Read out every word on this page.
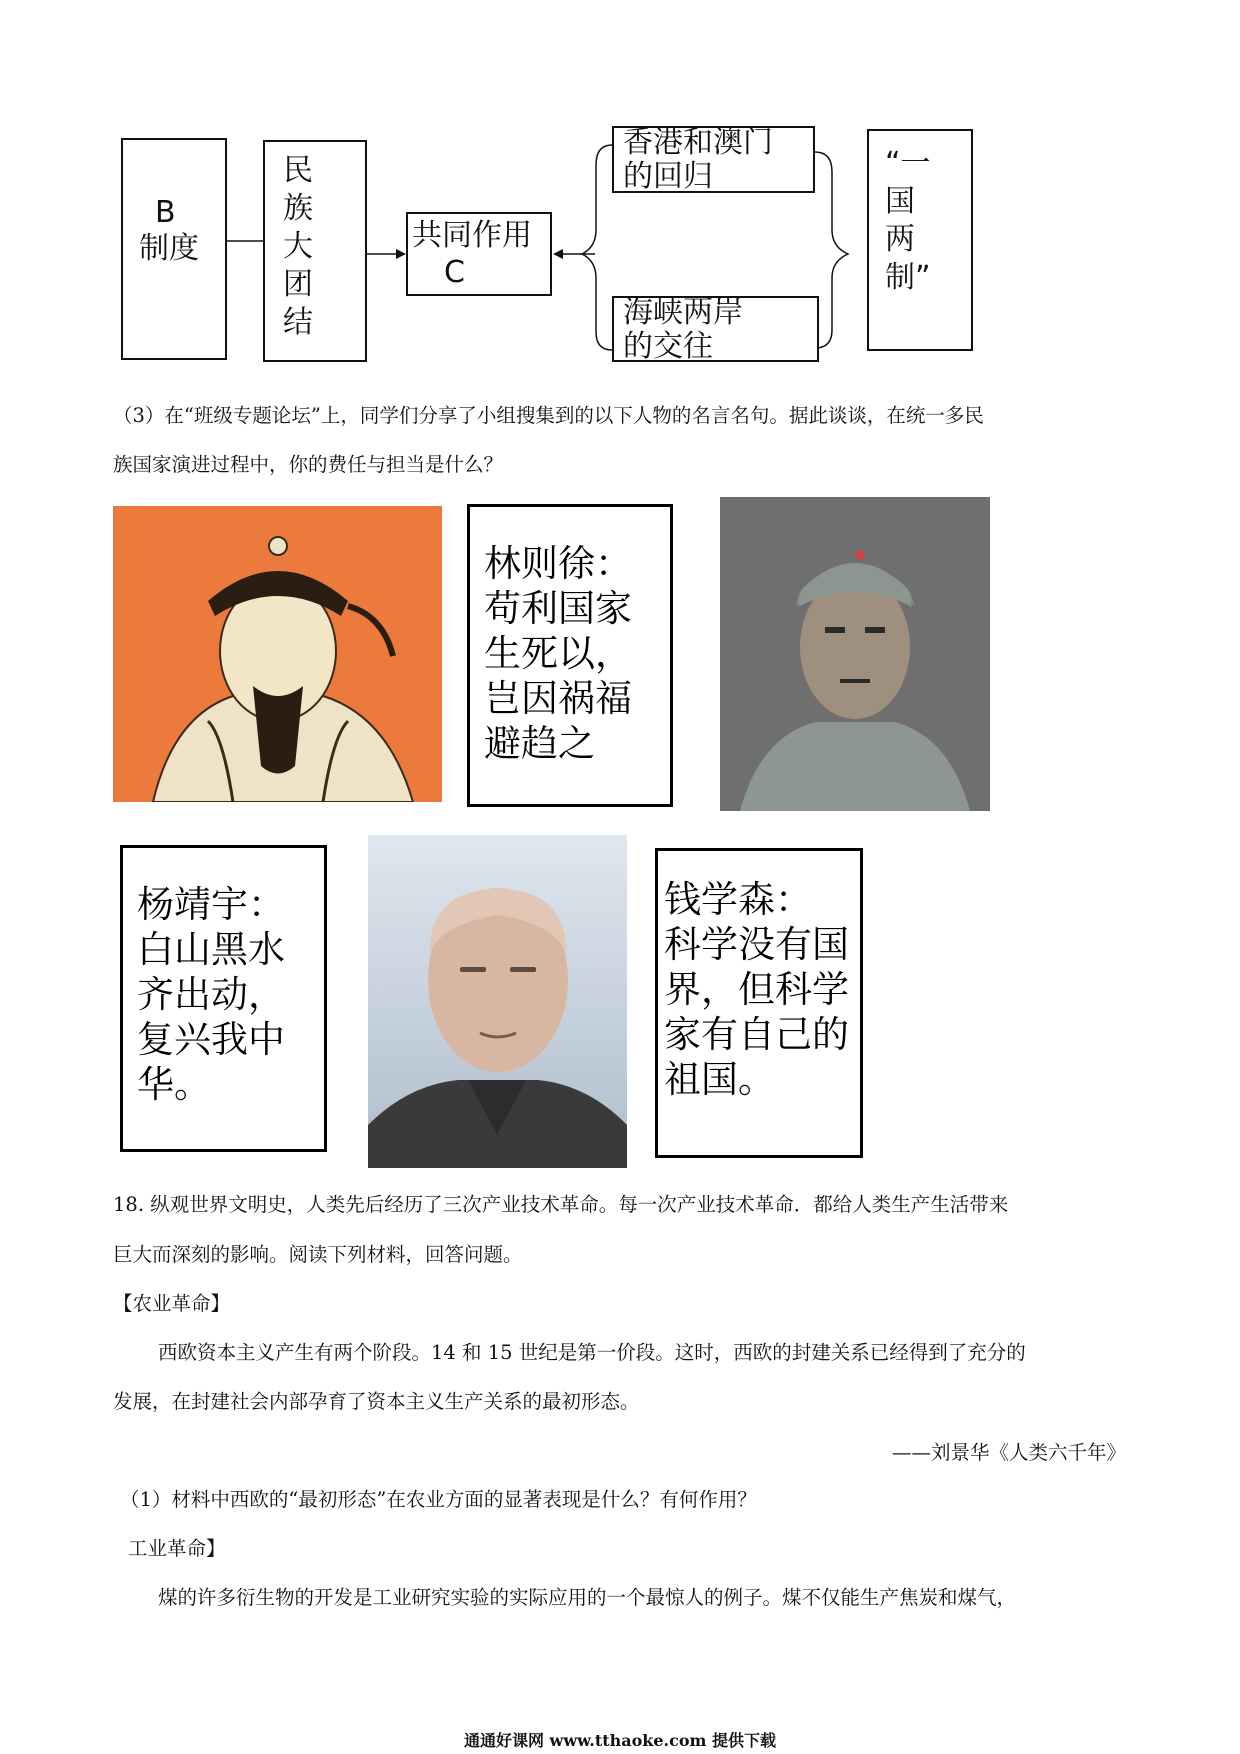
B
制度
民族大团结
共同作用
C
香港和澳门
的回归
海峡两岸
的交往
“一
国
两
制”
（3）在“班级专题论坛”上，同学们分享了小组搜集到的以下人物的名言名句。据此谈谈，在统一多民
族国家演进过程中，你的费任与担当是什么？
林则徐：
苟利国家
生死以，
岂因祸福
避趋之
杨靖宇：
白山黑水
齐出动，
复兴我中
华。
钱学森：
科学没有国
界，但科学
家有自己的
祖国。
18. 纵观世界文明史，人类先后经历了三次产业技术革命。每一次产业技术革命．都给人类生产生活带来
巨大而深刻的影响。阅读下列材料，回答问题。
【农业革命】
西欧资本主义产生有两个阶段。14 和 15 世纪是第一价段。这时，西欧的封建关系已经得到了充分的
发展，在封建社会内部孕育了资本主义生产关系的最初形态。
——刘景华《人类六千年》
（1）材料中西欧的“最初形态”在农业方面的显著表现是什么？有何作用？
工业革命】
煤的许多衍生物的开发是工业研究实验的实际应用的一个最惊人的例子。煤不仅能生产焦炭和煤气，
通通好课网 www.tthaoke.com 提供下载
